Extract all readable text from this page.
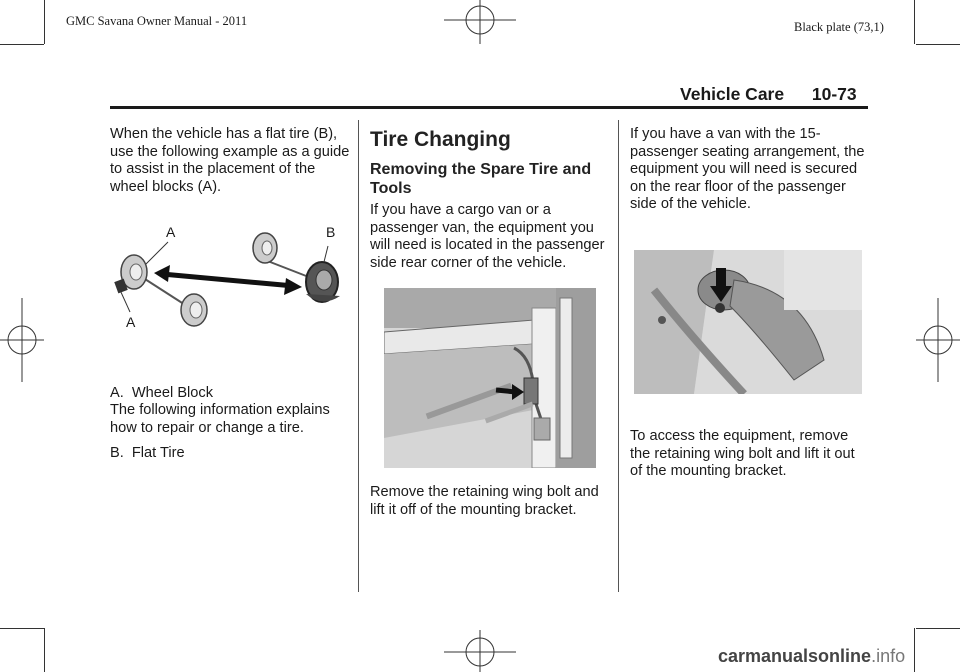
GMC Savana Owner Manual - 2011	Black plate (73,1)
Vehicle Care 10-73
When the vehicle has a flat tire (B), use the following example as a guide to assist in the placement of the wheel blocks (A).
A	B
A

A.  Wheel Block

B.  Flat Tire

The following information explains how to repair or change a tire.
Tire Changing
Removing the Spare Tire and Tools
If you have a cargo van or a passenger van, the equipment you will need is located in the passenger side rear corner of the vehicle.
Remove the retaining wing bolt and lift it off of the mounting bracket.
If you have a van with the 15-passenger seating arrangement, the equipment you will need is secured on the rear floor of the passenger side of the vehicle.
To access the equipment, remove the retaining wing bolt and lift it out of the mounting bracket.
carmanualsonline.info
